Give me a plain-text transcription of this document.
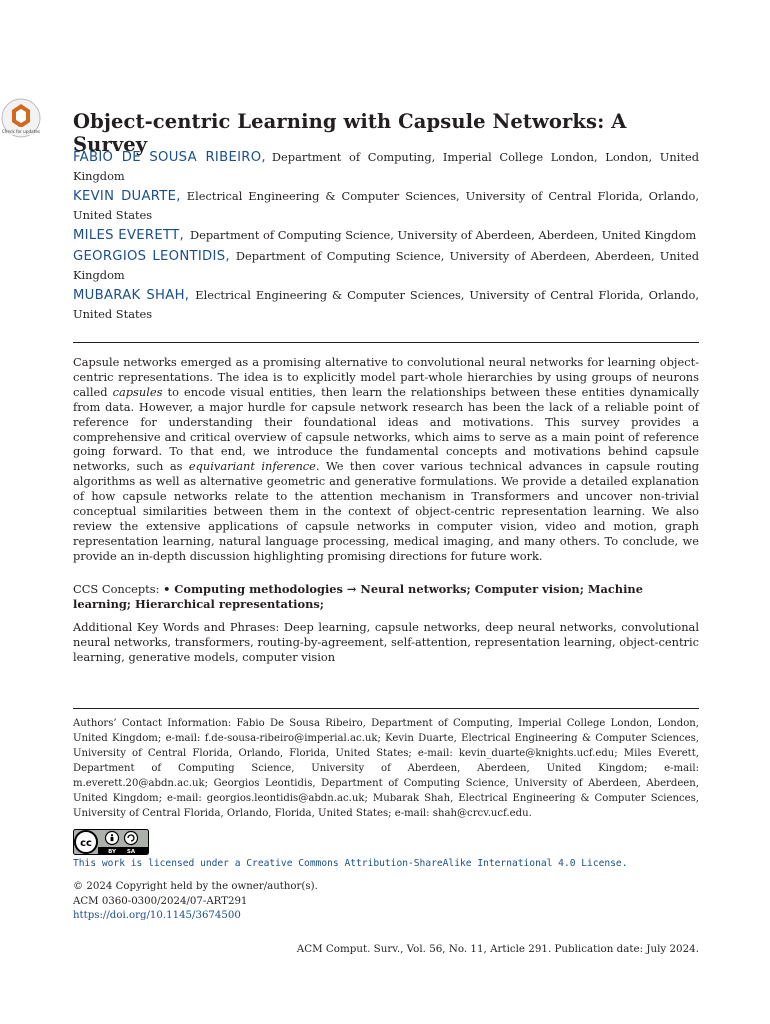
Check for updates Object-centric Learning with Capsule Networks: A Survey

FABIO DE SOUSA RIBEIRO, Department of Computing, Imperial College London, London, United Kingdom

KEVIN DUARTE, Electrical Engineering & Computer Sciences, University of Central Florida, Orlando, United States

MILES EVERETT, Department of Computing Science, University of Aberdeen, Aberdeen, United Kingdom

GEORGIOS LEONTIDIS, Department of Computing Science, University of Aberdeen, Aberdeen, United Kingdom

MUBARAK SHAH, Electrical Engineering & Computer Sciences, University of Central Florida, Orlando, United States

Capsule networks emerged as a promising alternative to convolutional neural networks for learning object-centric representations. The idea is to explicitly model part-whole hierarchies by using groups of neurons called capsules to encode visual entities, then learn the relationships between these entities dynamically from data. However, a major hurdle for capsule network research has been the lack of a reliable point of reference for understanding their foundational ideas and motivations. This survey provides a comprehensive and critical overview of capsule networks, which aims to serve as a main point of reference going forward. To that end, we introduce the fundamental concepts and motivations behind capsule networks, such as equivariant inference. We then cover various technical advances in capsule routing algorithms as well as alternative geometric and generative formulations. We provide a detailed explanation of how capsule networks relate to the attention mechanism in Transformers and uncover non-trivial conceptual similarities between them in the context of object-centric representation learning. We also review the extensive applications of capsule networks in computer vision, video and motion, graph representation learning, natural language processing, medical imaging, and many others. To conclude, we provide an in-depth discussion highlighting promising directions for future work.

CCS Concepts: • Computing methodologies → Neural networks; Computer vision; Machine learning; Hierarchical representations;

Additional Key Words and Phrases: Deep learning, capsule networks, deep neural networks, convolutional neural networks, transformers, routing-by-agreement, self-attention, representation learning, object-centric learning, generative models, computer vision

Authors’ Contact Information: Fabio De Sousa Ribeiro, Department of Computing, Imperial College London, London, United Kingdom; e-mail: f.de-sousa-ribeiro@imperial.ac.uk; Kevin Duarte, Electrical Engineering & Computer Sciences, University of Central Florida, Orlando, Florida, United States; e-mail: kevin_duarte@knights.ucf.edu; Miles Everett, Department of Computing Science, University of Aberdeen, Aberdeen, United Kingdom; e-mail: m.everett.20@abdn.ac.uk; Georgios Leontidis, Department of Computing Science, University of Aberdeen, Aberdeen, United Kingdom; e-mail: georgios.leontidis@abdn.ac.uk; Mubarak Shah, Electrical Engineering & Computer Sciences, University of Central Florida, Orlando, Florida, United States; e-mail: shah@crcv.ucf.edu.

cc
BY SA

This work is licensed under a Creative Commons Attribution-ShareAlike International 4.0 License.

© 2024 Copyright held by the owner/author(s).
ACM 0360-0300/2024/07-ART291
https://doi.org/10.1145/3674500

ACM Comput. Surv., Vol. 56, No. 11, Article 291. Publication date: July 2024.
